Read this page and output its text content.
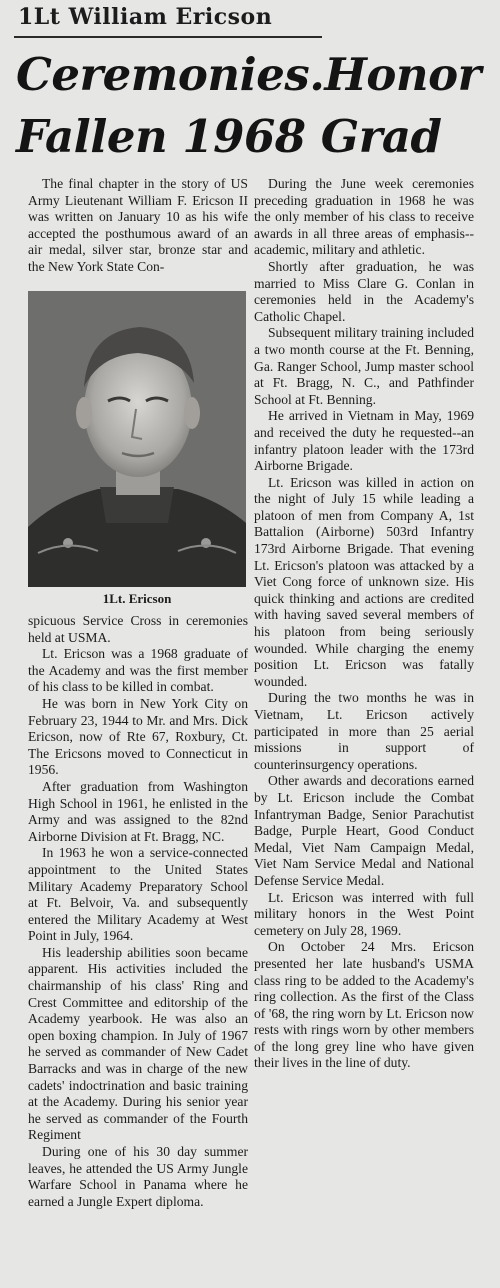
1Lt William Ericson
Ceremonies.Honor
Fallen 1968 Grad

The final chapter in the story of US Army Lieutenant William F. Ericson II was written on January 10 as his wife accepted the posthumous award of an air medal, silver star, bronze star and the New York State Con-

spicuous Service Cross in ceremonies held at USMA.

Lt. Ericson was a 1968 graduate of the Academy and was the first member of his class to be killed in combat.

He was born in New York City on February 23, 1944 to Mr. and Mrs. Dick Ericson, now of Rte 67, Roxbury, Ct. The Ericsons moved to Connecticut in 1956.

After graduation from Washington High School in 1961, he enlisted in the Army and was assigned to the 82nd Airborne Division at Ft. Bragg, NC.

In 1963 he won a service-connected appointment to the United States Military Academy Preparatory School at Ft. Belvoir, Va. and subsequently entered the Military Academy at West Point in July, 1964.

His leadership abilities soon became apparent. His activities included the chairmanship of his class' Ring and Crest Committee and editorship of the Academy yearbook. He was also an open boxing champion. In July of 1967 he served as commander of New Cadet Barracks and was in charge of the new cadets' indoctrination and basic training at the Academy. During his senior year he served as commander of the Fourth Regiment

During one of his 30 day summer leaves, he attended the US Army Jungle Warfare School in Panama where he earned a Jungle Expert diploma.

1Lt. Ericson

During the June week ceremonies preceding graduation in 1968 he was the only member of his class to receive awards in all three areas of emphasis--academic, military and athletic.

Shortly after graduation, he was married to Miss Clare G. Conlan in ceremonies held in the Academy's Catholic Chapel.

Subsequent military training included a two month course at the Ft. Benning, Ga. Ranger School, Jump master school at Ft. Bragg, N. C., and Pathfinder School at Ft. Benning.

He arrived in Vietnam in May, 1969 and received the duty he requested--an infantry platoon leader with the 173rd Airborne Brigade.

Lt. Ericson was killed in action on the night of July 15 while leading a platoon of men from Company A, 1st Battalion (Airborne) 503rd Infantry 173rd Airborne Brigade. That evening Lt. Ericson's platoon was attacked by a Viet Cong force of unknown size. His quick thinking and actions are credited with having saved several members of his platoon from being seriously wounded. While charging the enemy position Lt. Ericson was fatally wounded.

During the two months he was in Vietnam, Lt. Ericson actively participated in more than 25 aerial missions in support of counterinsurgency operations.

Other awards and decorations earned by Lt. Ericson include the Combat Infantryman Badge, Senior Parachutist Badge, Purple Heart, Good Conduct Medal, Viet Nam Campaign Medal, Viet Nam Service Medal and National Defense Service Medal.

Lt. Ericson was interred with full military honors in the West Point cemetery on July 28, 1969.

On October 24 Mrs. Ericson presented her late husband's USMA class ring to be added to the Academy's ring collection. As the first of the Class of '68, the ring worn by Lt. Ericson now rests with rings worn by other members of the long grey line who have given their lives in the line of duty.
